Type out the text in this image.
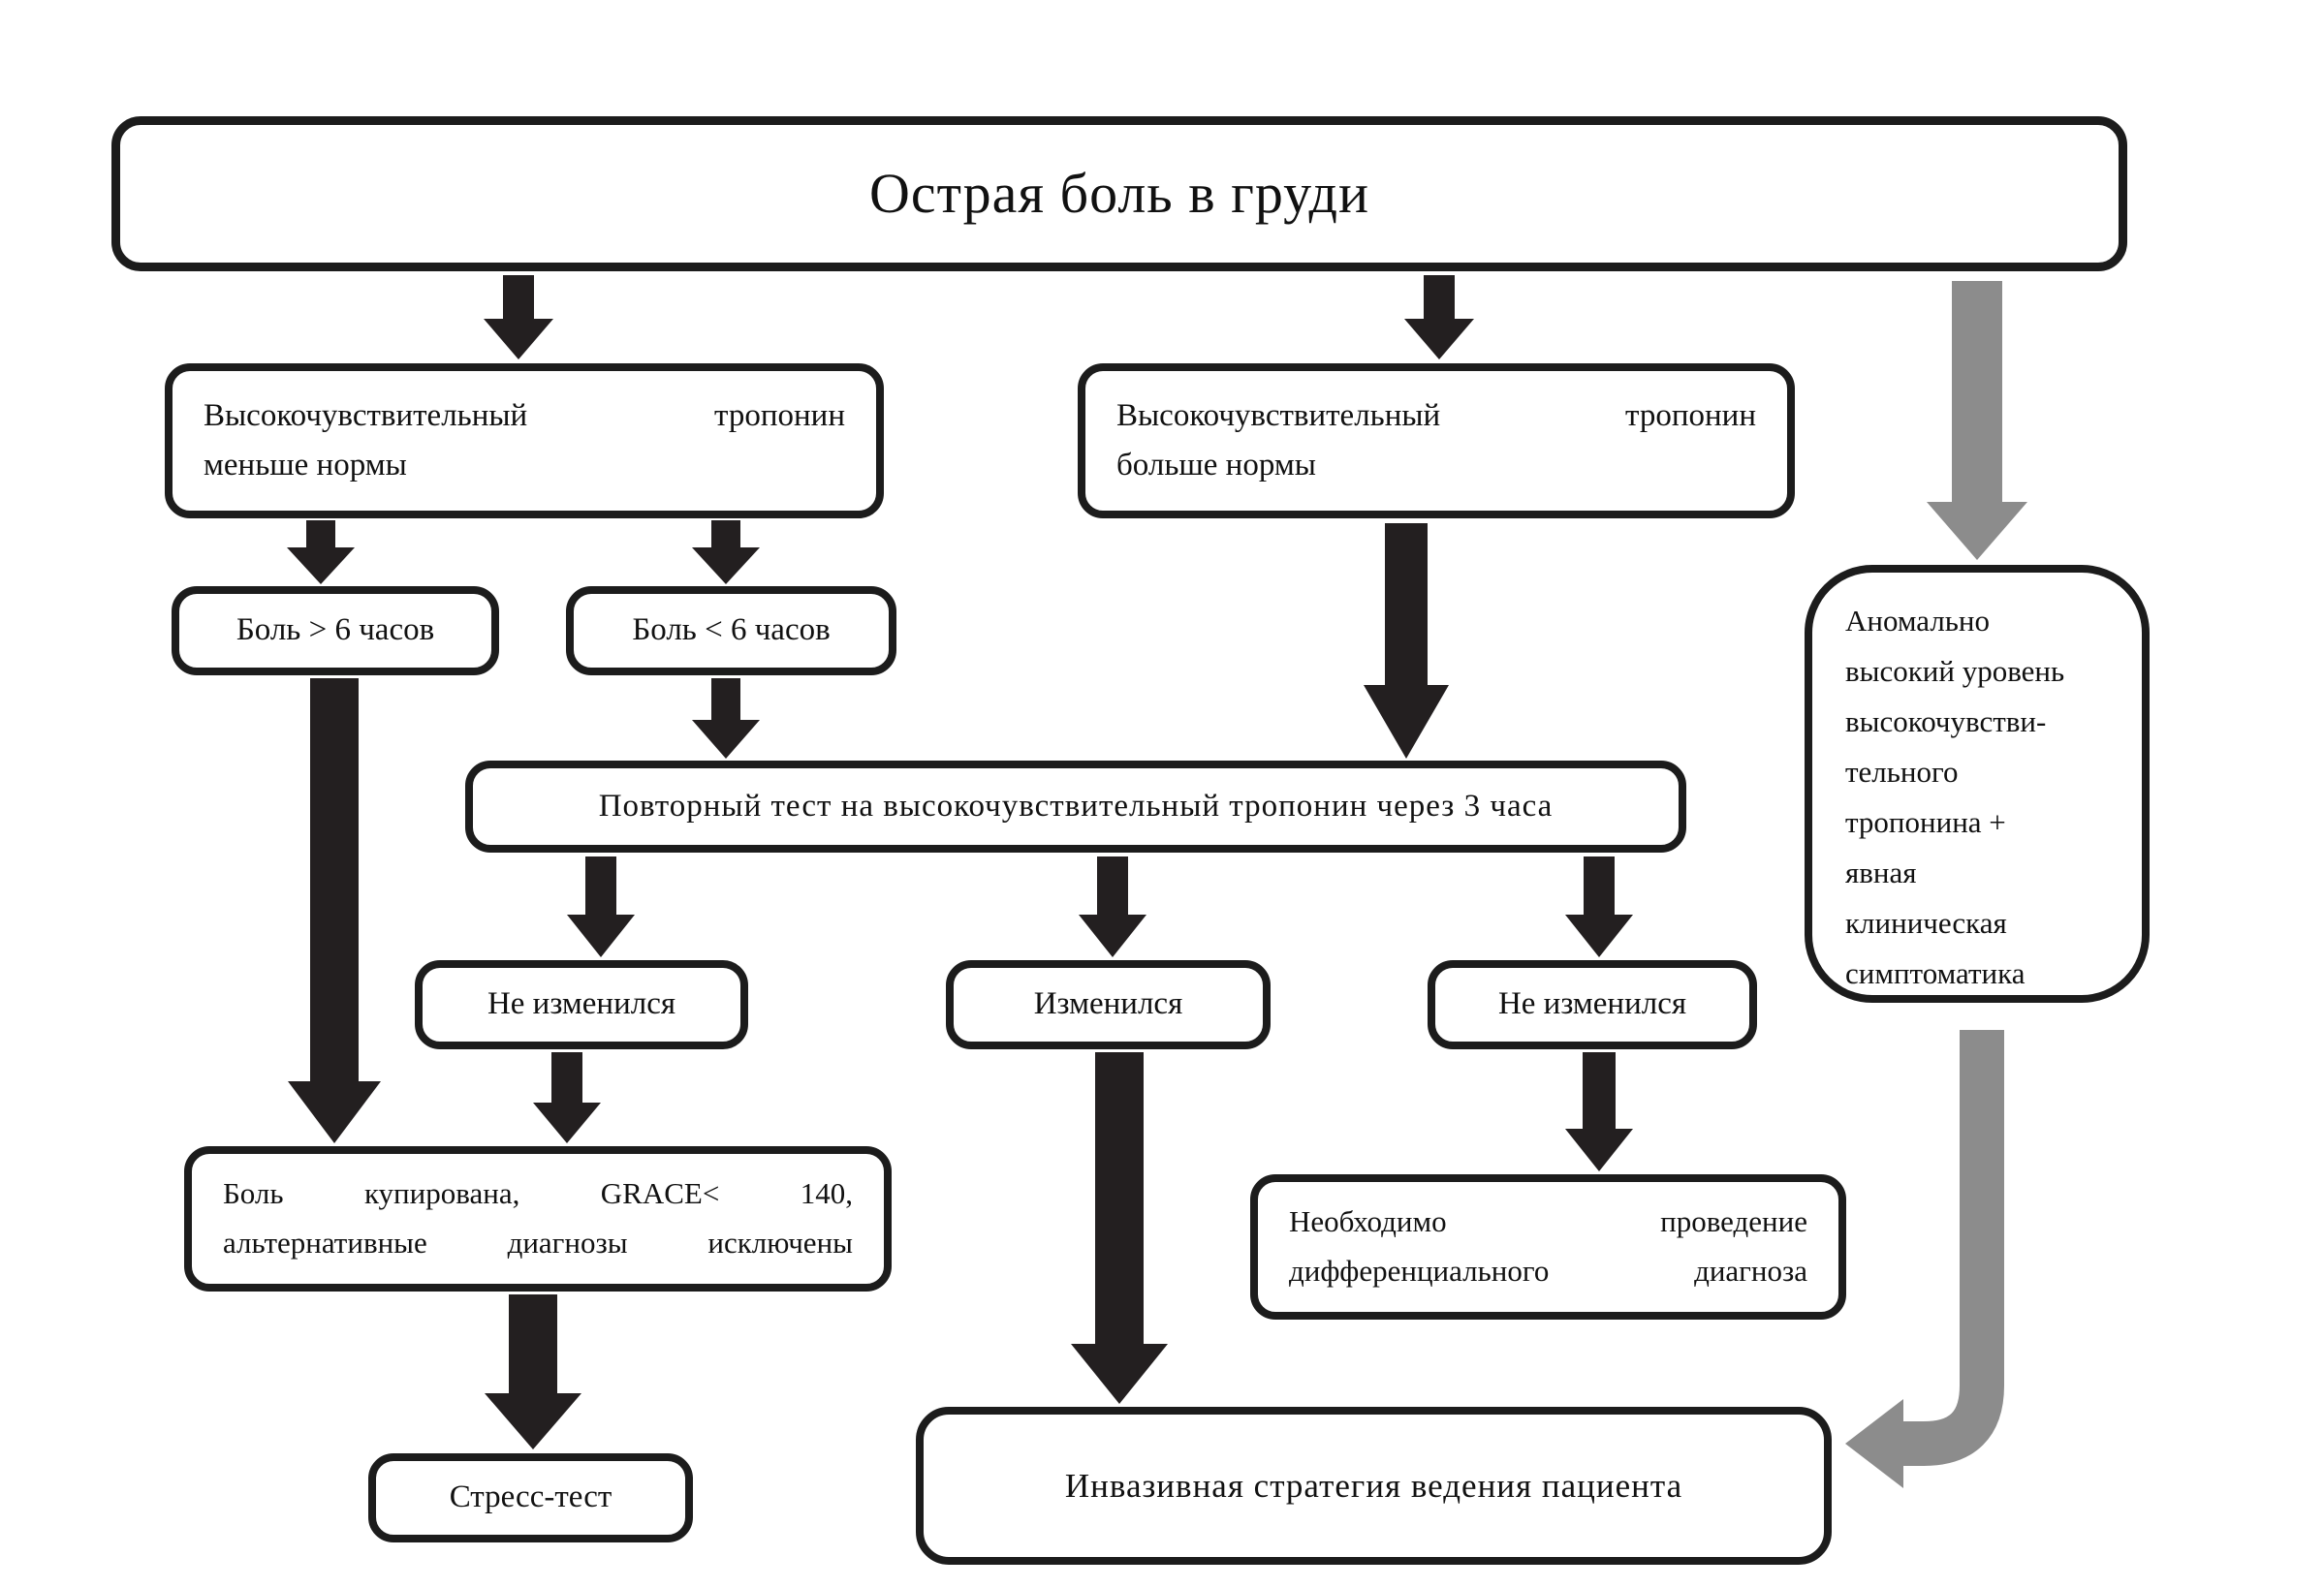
Острая боль в груди
Высокочувствительный	тропонин
меньше нормы
Высокочувствительный	тропонин
больше нормы
Боль > 6 часов	Боль < 6 часов
Повторный тест на высокочувствительный тропонин через 3 часа
Не изменился	Изменился	Не изменился
Боль	купирована,	GRACE<	140,
альтернативные	диагнозы	исключены
Необходимо	проведение
дифференциального	диагноза
Стресс-тест	Инвазивная стратегия ведения пациента
Аномально
высокий уровень
высокочувстви-
тельного
тропонина +
явная
клиническая
симптоматика
